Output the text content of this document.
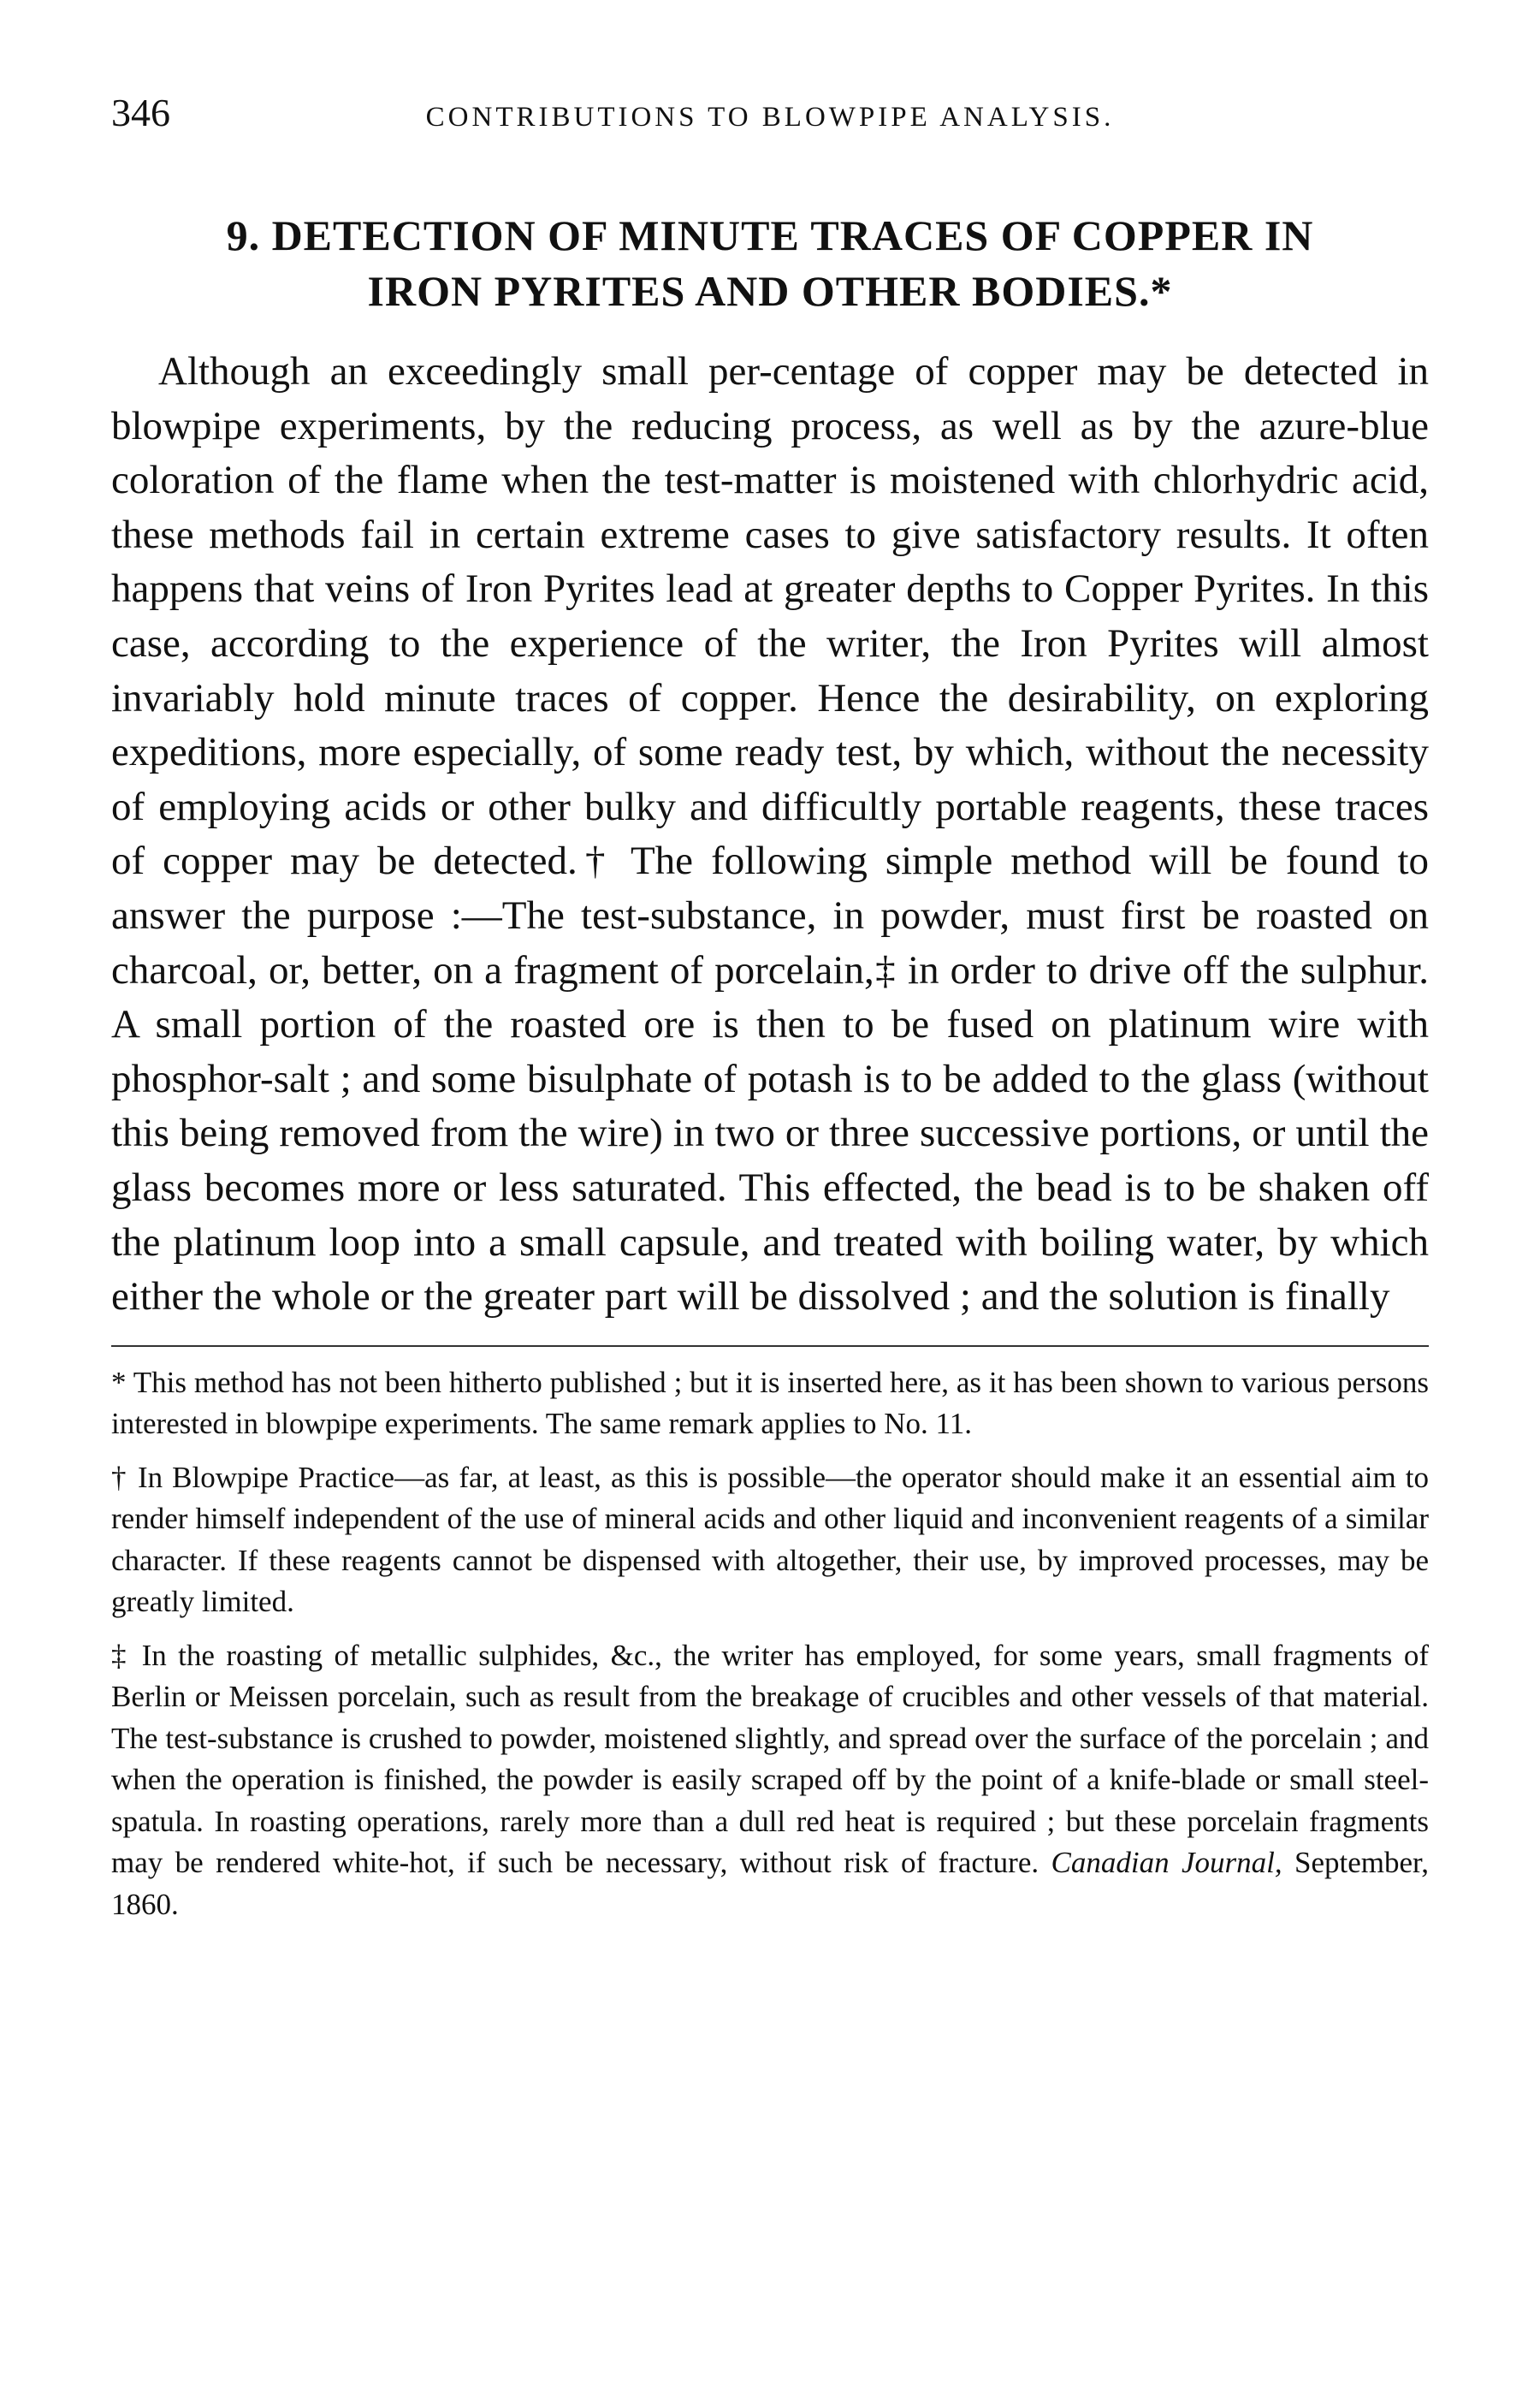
346	CONTRIBUTIONS TO BLOWPIPE ANALYSIS.
9. DETECTION OF MINUTE TRACES OF COPPER IN
IRON PYRITES AND OTHER BODIES.*

Although an exceedingly small per-centage of copper may be detected in blowpipe experiments, by the reducing process, as well as by the azure-blue coloration of the flame when the test-matter is moistened with chlorhydric acid, these methods fail in certain extreme cases to give satisfactory results. It often happens that veins of Iron Pyrites lead at greater depths to Copper Pyrites. In this case, according to the experience of the writer, the Iron Pyrites will almost invariably hold minute traces of copper. Hence the desirability, on exploring expeditions, more especially, of some ready test, by which, without the necessity of employing acids or other bulky and difficultly portable reagents, these traces of copper may be detected.† The following simple method will be found to answer the purpose :—The test-substance, in powder, must first be roasted on charcoal, or, better, on a fragment of porcelain,‡ in order to drive off the sulphur. A small portion of the roasted ore is then to be fused on platinum wire with phosphor-salt ; and some bisulphate of potash is to be added to the glass (without this being removed from the wire) in two or three successive portions, or until the glass becomes more or less saturated. This effected, the bead is to be shaken off the platinum loop into a small capsule, and treated with boiling water, by which either the whole or the greater part will be dissolved ; and the solution is finally

* This method has not been hitherto published ; but it is inserted here, as it has been shown to various persons interested in blowpipe experiments. The same remark applies to No. 11.

† In Blowpipe Practice—as far, at least, as this is possible—the operator should make it an essential aim to render himself independent of the use of mineral acids and other liquid and inconvenient reagents of a similar character. If these reagents cannot be dispensed with altogether, their use, by improved processes, may be greatly limited.

‡ In the roasting of metallic sulphides, &c., the writer has employed, for some years, small fragments of Berlin or Meissen porcelain, such as result from the breakage of crucibles and other vessels of that material. The test-substance is crushed to powder, moistened slightly, and spread over the surface of the porcelain ; and when the operation is finished, the powder is easily scraped off by the point of a knife-blade or small steel-spatula. In roasting operations, rarely more than a dull red heat is required ; but these porcelain fragments may be rendered white-hot, if such be necessary, without risk of fracture. Canadian Journal, September, 1860.
